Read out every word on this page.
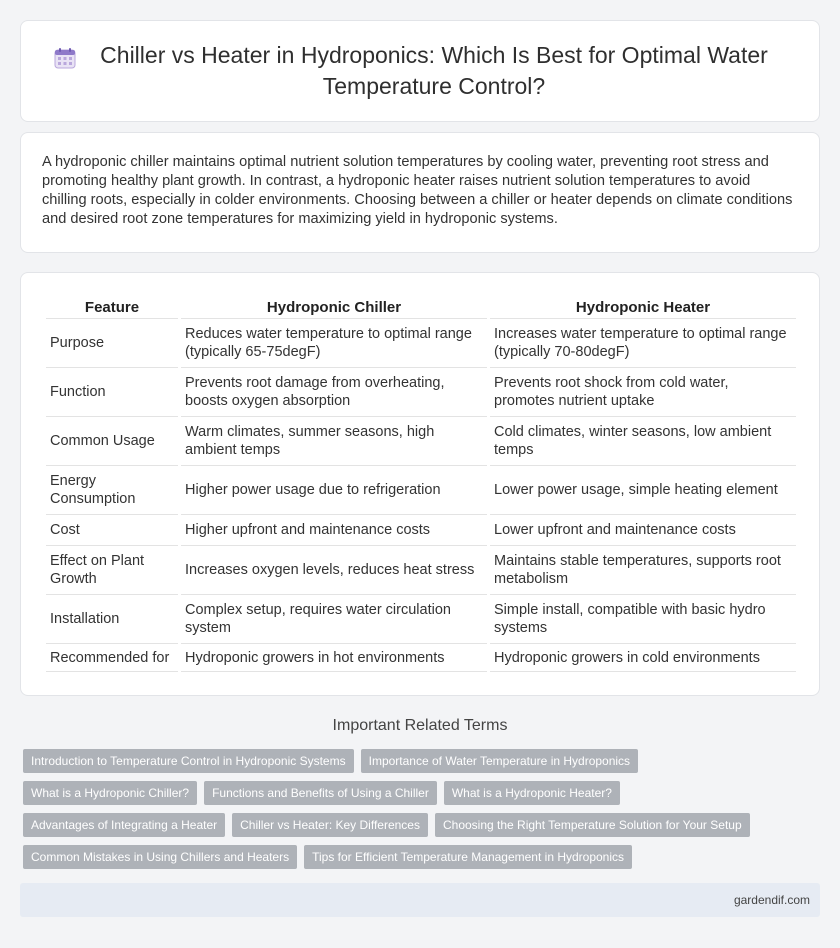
Chiller vs Heater in Hydroponics: Which Is Best for Optimal Water Temperature Control?

A hydroponic chiller maintains optimal nutrient solution temperatures by cooling water, preventing root stress and promoting healthy plant growth. In contrast, a hydroponic heater raises nutrient solution temperatures to avoid chilling roots, especially in colder environments. Choosing between a chiller or heater depends on climate conditions and desired root zone temperatures for maximizing yield in hydroponic systems.

Feature	Hydroponic Chiller	Hydroponic Heater
Purpose	Reduces water temperature to optimal range (typically 65-75degF)	Increases water temperature to optimal range (typically 70-80degF)
Function	Prevents root damage from overheating, boosts oxygen absorption	Prevents root shock from cold water, promotes nutrient uptake
Common Usage	Warm climates, summer seasons, high ambient temps	Cold climates, winter seasons, low ambient temps
Energy Consumption	Higher power usage due to refrigeration	Lower power usage, simple heating element
Cost	Higher upfront and maintenance costs	Lower upfront and maintenance costs
Effect on Plant Growth	Increases oxygen levels, reduces heat stress	Maintains stable temperatures, supports root metabolism
Installation	Complex setup, requires water circulation system	Simple install, compatible with basic hydro systems
Recommended for	Hydroponic growers in hot environments	Hydroponic growers in cold environments
Important Related Terms
Introduction to Temperature Control in Hydroponic Systems	Importance of Water Temperature in Hydroponics
What is a Hydroponic Chiller?	Functions and Benefits of Using a Chiller	What is a Hydroponic Heater?
Advantages of Integrating a Heater	Chiller vs Heater: Key Differences	Choosing the Right Temperature Solution for Your Setup
Common Mistakes in Using Chillers and Heaters	Tips for Efficient Temperature Management in Hydroponics
gardendif.com
